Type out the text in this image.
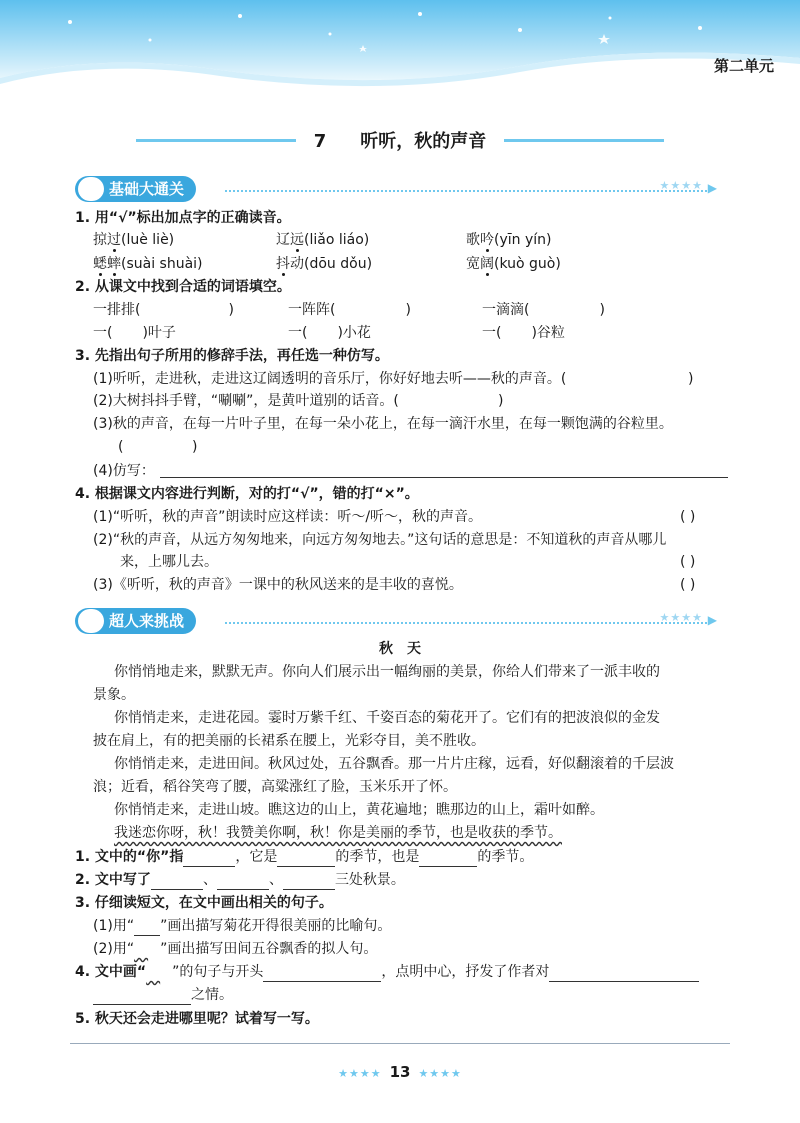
第二单元
7 听听，秋的声音
基础大通关	★★★★ ▶
1. 用“√”标出加点字的正确读音。
掠过(luè liè)	辽远(liǎo liáo)	歌吟(yīn yín)
蟋蟀(suài shuài)	抖动(dōu dǒu)	宽阔(kuò guò)
2. 从课文中找到合适的词语填空。
一排排(	)	一阵阵(	)	一滴滴(	)
一( )叶子	一( )小花	一( )谷粒
3. 先指出句子所用的修辞手法，再任选一种仿写。
(1)听听，走进秋，走进这辽阔透明的音乐厅，你好好地去听——秋的声音。(	)
(2)大树抖抖手臂，“唰唰”，是黄叶道别的话音。(	)
(3)秋的声音，在每一片叶子里，在每一朵小花上，在每一滴汗水里，在每一颗饱满的谷粒里。
(	)
(4)仿写：
4. 根据课文内容进行判断，对的打“√”，错的打“×”。
(1)“听听，秋的声音”朗读时应这样读：听～/听～，秋的声音。	( )
(2)“秋的声音，从远方匆匆地来，向远方匆匆地去。”这句话的意思是：不知道秋的声音从哪儿
来，上哪儿去。	( )
(3)《听听，秋的声音》一课中的秋风送来的是丰收的喜悦。	( )
超人来挑战	★★★★ ▶
秋　天
你悄悄地走来，默默无声。你向人们展示出一幅绚丽的美景，你给人们带来了一派丰收的
景象。
你悄悄走来，走进花园。霎时万紫千红、千姿百态的菊花开了。它们有的把波浪似的金发
披在肩上，有的把美丽的长裙系在腰上，光彩夺目，美不胜收。
你悄悄走来，走进田间。秋风过处，五谷飘香。那一片片庄稼，远看，好似翻滚着的千层波
浪；近看，稻谷笑弯了腰，高粱涨红了脸，玉米乐开了怀。
你悄悄走来，走进山坡。瞧这边的山上，黄花遍地；瞧那边的山上，霜叶如醉。
我迷恋你呀，秋！我赞美你啊，秋！你是美丽的季节，也是收获的季节。
1. 文中的“你”指	，它是	的季节，也是	的季节。
2. 文中写了	、	、	三处秋景。
3. 仔细读短文，在文中画出相关的句子。
(1)用“ ”画出描写菊花开得很美丽的比喻句。
(2)用“​　”画出描写田间五谷飘香的拟人句。
4. 文中画“　 ”的句子与开头	，点明中心，抒发了作者对
之情。
5. 秋天还会走进哪里呢？试着写一写。
★★★★ 13 ★★★★
